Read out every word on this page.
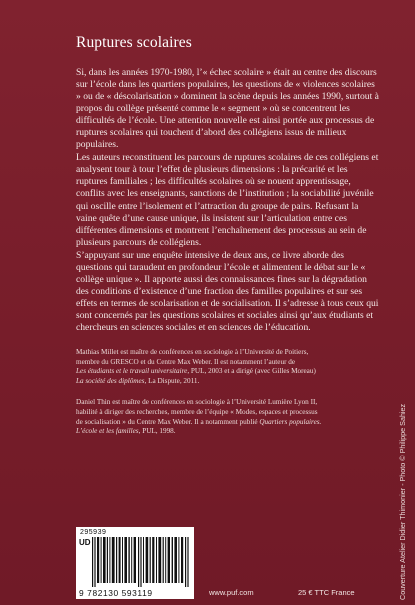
Ruptures scolaires

Si, dans les années 1970-1980, l’« échec scolaire » était au centre des discours sur l’école dans les quartiers populaires, les questions de « violences scolaires » ou de « déscolarisation » dominent la scène depuis les années 1990, surtout à propos du collège présenté comme le « segment » où se concentrent les difficultés de l’école. Une attention nouvelle est ainsi portée aux processus de ruptures scolaires qui touchent d’abord des collégiens issus de milieux populaires.

Les auteurs reconstituent les parcours de ruptures scolaires de ces collégiens et analysent tour à tour l’effet de plusieurs dimensions : la précarité et les ruptures familiales ; les difficultés scolaires où se nouent apprentissage, conflits avec les enseignants, sanctions de l’institution ; la sociabilité juvénile qui oscille entre l’isolement et l’attraction du groupe de pairs. Refusant la vaine quête d’une cause unique, ils insistent sur l’articulation entre ces différentes dimensions et montrent l’enchaînement des processus au sein de plusieurs parcours de collégiens.

S’appuyant sur une enquête intensive de deux ans, ce livre aborde des questions qui taraudent en profondeur l’école et alimentent le débat sur le « collège unique ». Il apporte aussi des connaissances fines sur la dégradation des conditions d’existence d’une fraction des familles populaires et sur ses effets en termes de scolarisation et de socialisation. Il s’adresse à tous ceux qui sont concernés par les questions scolaires et sociales ainsi qu’aux étudiants et chercheurs en sciences sociales et en sciences de l’éducation.

Mathias Millet est maître de conférences en sociologie à l’Université de Poitiers,
membre du GRESCO et du Centre Max Weber. Il est notamment l’auteur de
Les étudiants et le travail universitaire, PUL, 2003 et a dirigé (avec Gilles Moreau)
La société des diplômes, La Dispute, 2011.

Daniel Thin est maître de conférences en sociologie à l’Université Lumière Lyon II,
habilité à diriger des recherches, membre de l’équipe « Modes, espaces et processus
de socialisation » du Centre Max Weber. Il a notamment publié Quartiers populaires.
L’école et les familles, PUL, 1998.

295939
UD
9 782130 593119	www.puf.com	25 € TTC France	Couverture Atelier Didier Thimonier - Photo © Philippe Sahiez
